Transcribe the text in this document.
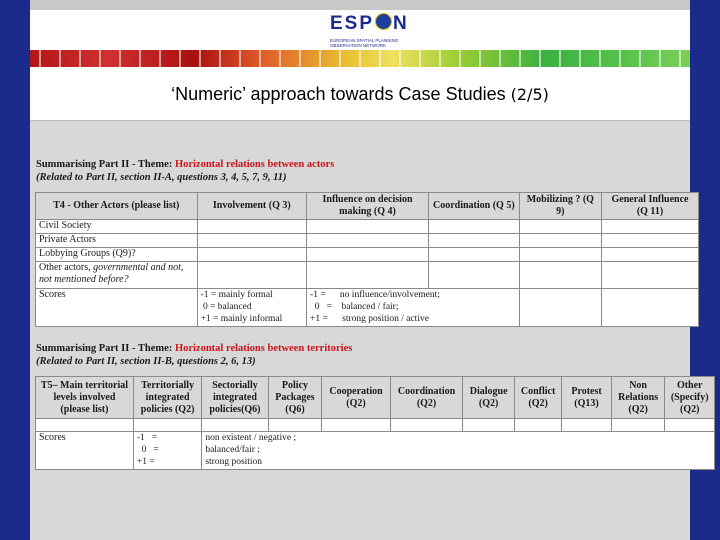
ESP N
EUROPEAN SPATIAL PLANNING OBSERVATION NETWORK
‘Numeric’ approach towards Case Studies (2/5)
Summarising Part II - Theme: Horizontal relations between actors
(Related to Part II, section II-A, questions 3, 4, 5, 7, 9, 11)
T4 - Other Actors (please list)	Involvement (Q 3)	Influence on decision making (Q 4)	Coordination (Q 5)	Mobilizing ? (Q 9)	General Influence (Q 11)
Civil Society					
Private Actors					
Lobbying Groups (Q9)?					
Other actors, governmental and not, not mentioned before?					
Scores	-1 = mainly formal
0 = balanced
+1 = mainly informal	-1 =      no influence/involvement;
0   =    balanced / fair;
+1 =      strong position / active			
Summarising Part II - Theme: Horizontal relations between territories
(Related to Part II, section II-B, questions 2, 6, 13)
T5– Main territorial levels involved (please list)	Territorially integrated policies (Q2)	Sectorially integrated policies(Q6)	Policy Packages (Q6)	Cooperation (Q2)	Coordination (Q2)	Dialogue (Q2)	Conflict (Q2)	Protest (Q13)	Non Relations (Q2)	Other (Specify) (Q2)

Scores	-1   =
0   =
+1 =	non existent / negative ;
balanced/fair ;
strong position								
